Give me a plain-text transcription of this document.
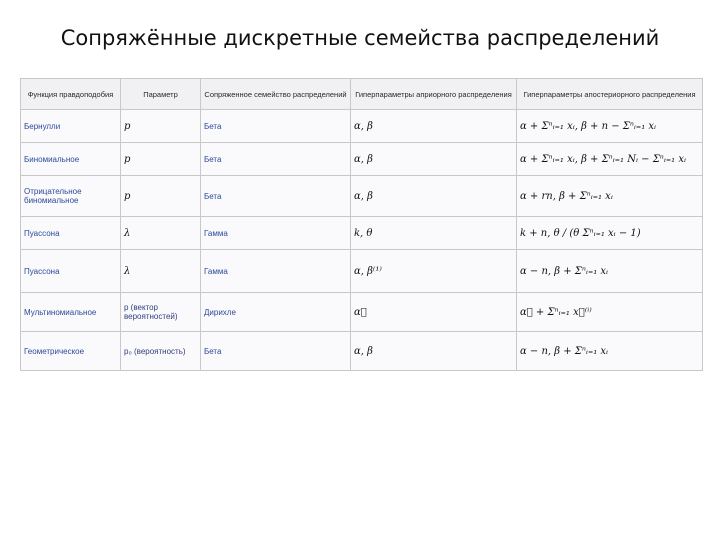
Сопряжённые дискретные семейства распределений
Функция правдоподобия	Параметр	Сопряженное семейство распределений	Гиперпараметры априорного распределения	Гиперпараметры апостериорного распределения
Бернулли	p	Бета	α, β	α + Σⁿᵢ₌₁ xᵢ, β + n − Σⁿᵢ₌₁ xᵢ
Биномиальное	p	Бета	α, β	α + Σⁿᵢ₌₁ xᵢ, β + Σⁿᵢ₌₁ Nᵢ − Σⁿᵢ₌₁ xᵢ
Отрицательное биномиальное	p	Бета	α, β	α + rn, β + Σⁿᵢ₌₁ xᵢ
Пуассона	λ	Гамма	k, θ	k + n, θ / (θ Σⁿᵢ₌₁ xᵢ − 1)
Пуассона	λ	Гамма	α, β⁽¹⁾	α − n, β + Σⁿᵢ₌₁ xᵢ
Мультиномиальное	p (вектор вероятностей)	Дирихле	α⃗	α⃗ + Σⁿᵢ₌₁ x⃗⁽ⁱ⁾
Геометрическое	p₀ (вероятность)	Бета	α, β	α − n, β + Σⁿᵢ₌₁ xᵢ
